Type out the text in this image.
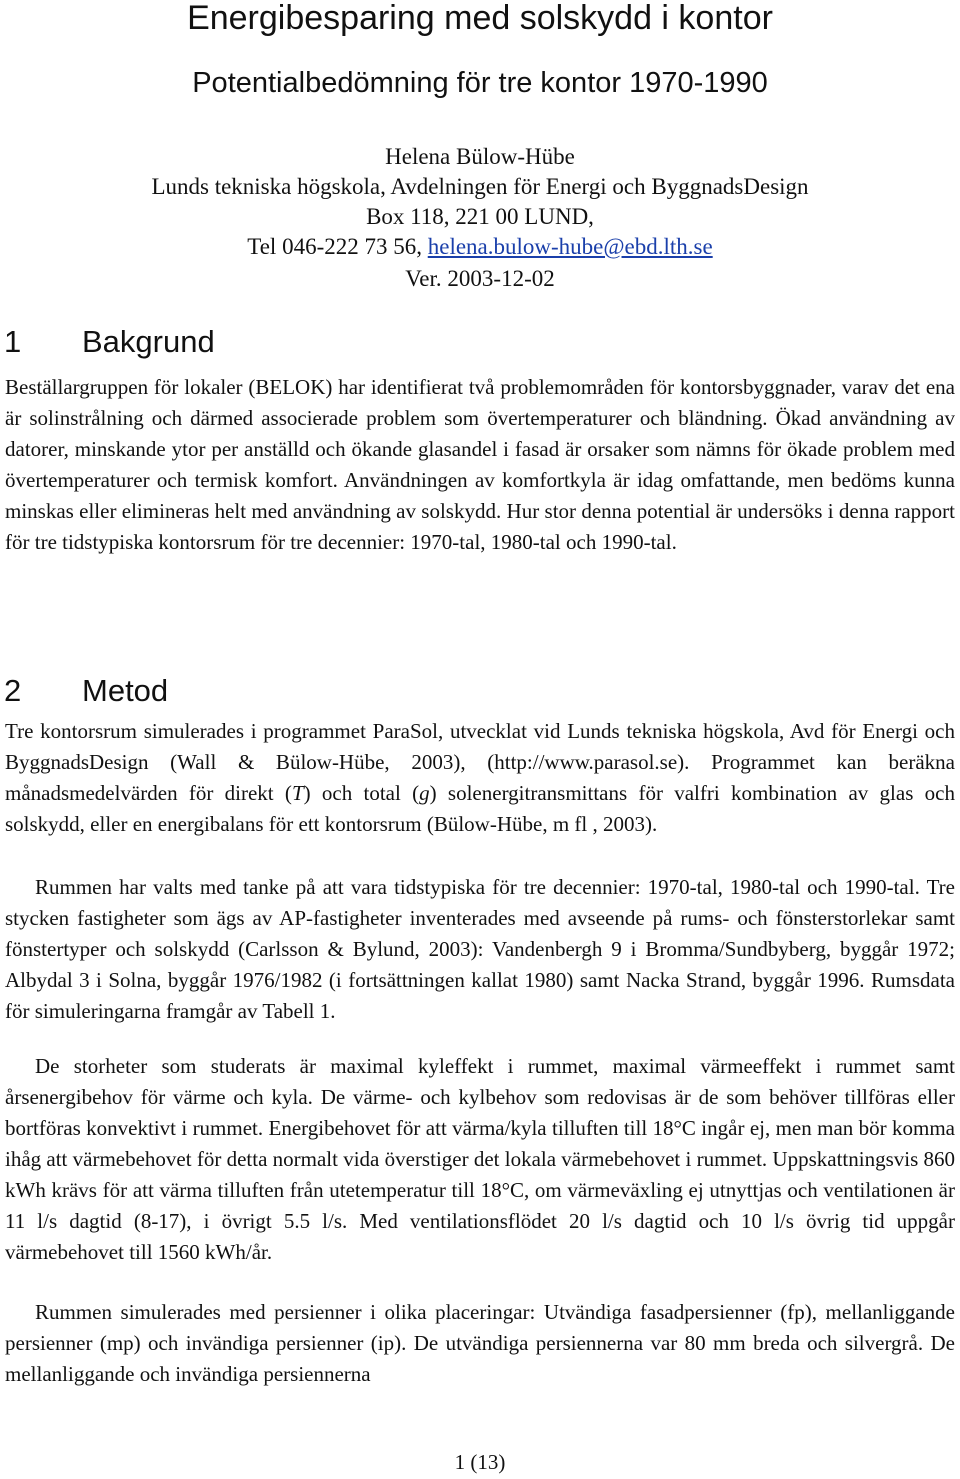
Energibesparing med solskydd i kontor
Potentialbedömning för tre kontor 1970-1990
Helena Bülow-Hübe
Lunds tekniska högskola, Avdelningen för Energi och ByggnadsDesign
Box 118, 221 00 LUND,
Tel 046-222 73 56, helena.bulow-hube@ebd.lth.se
Ver. 2003-12-02
1 Bakgrund

Beställargruppen för lokaler (BELOK) har identifierat två problemområden för kontorsbyggnader, varav det ena är solinstrålning och därmed associerade problem som övertemperaturer och bländning. Ökad användning av datorer, minskande ytor per anställd och ökande glasandel i fasad är orsaker som nämns för ökade problem med övertemperaturer och termisk komfort. Användningen av komfortkyla är idag omfattande, men bedöms kunna minskas eller elimineras helt med användning av solskydd. Hur stor denna potential är undersöks i denna rapport för tre tidstypiska kontorsrum för tre decennier: 1970-tal, 1980-tal och 1990-tal.

2 Metod

Tre kontorsrum simulerades i programmet ParaSol, utvecklat vid Lunds tekniska högskola, Avd för Energi och ByggnadsDesign (Wall & Bülow-Hübe, 2003), (http://www.parasol.se). Programmet kan beräkna månadsmedelvärden för direkt (T) och total (g) solenergitransmittans för valfri kombination av glas och solskydd, eller en energibalans för ett kontorsrum (Bülow-Hübe, m fl , 2003).

Rummen har valts med tanke på att vara tidstypiska för tre decennier: 1970-tal, 1980-tal och 1990-tal. Tre stycken fastigheter som ägs av AP-fastigheter inventerades med avseende på rums- och fönsterstorlekar samt fönstertyper och solskydd (Carlsson & Bylund, 2003): Vandenbergh 9 i Bromma/Sundbyberg, byggår 1972; Albydal 3 i Solna, byggår 1976/1982 (i fortsättningen kallat 1980) samt Nacka Strand, byggår 1996. Rumsdata för simuleringarna framgår av Tabell 1.

De storheter som studerats är maximal kyleffekt i rummet, maximal värmeeffekt i rummet samt årsenergibehov för värme och kyla. De värme- och kylbehov som redovisas är de som behöver tillföras eller bortföras konvektivt i rummet. Energibehovet för att värma/kyla tilluften till 18°C ingår ej, men man bör komma ihåg att värmebehovet för detta normalt vida överstiger det lokala värmebehovet i rummet. Uppskattningsvis 860 kWh krävs för att värma tilluften från utetemperatur till 18°C, om värmeväxling ej utnyttjas och ventilationen är 11 l/s dagtid (8-17), i övrigt 5.5 l/s. Med ventilationsflödet 20 l/s dagtid och 10 l/s övrig tid uppgår värmebehovet till 1560 kWh/år.

Rummen simulerades med persienner i olika placeringar: Utvändiga fasadpersienner (fp), mellanliggande persienner (mp) och invändiga persienner (ip). De utvändiga persiennerna var 80 mm breda och silvergrå. De mellanliggande och invändiga persiennerna

1 (13)
